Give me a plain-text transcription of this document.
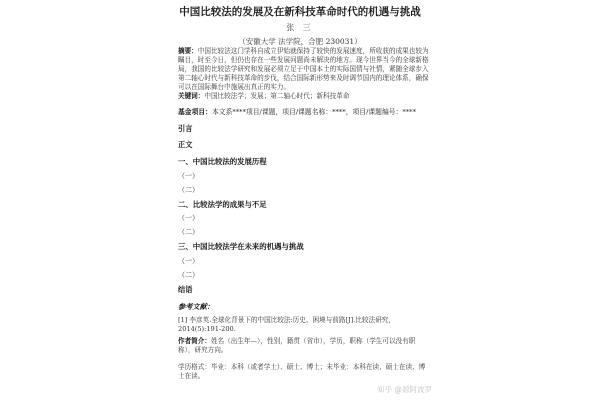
中国比较法的发展及在新科技革命时代的机遇与挑战
张 三
（安徽大学 法学院，合肥 230031）

摘要：中国比较法这门学科自成立伊始就保持了较快的发展速度，所收获的成果也较为瞩目，时至今日，但仍也存在一些发展问题尚未解决的地方。现今世界当今的全球新格局，我国的比较法学研究和发展必须立足于中国本土的实际国情与社情，紧随全球步入第二轴心时代与新科技革命的步伐，结合国际新形势来及时调节国内的理论体系，确保可以在国际舞台中施展出真正的实力。

关键词：中国比较法学；发展；第二轴心时代；新科技革命

基金项目：本文系****项目/课题，项目/课题名称：****，项目/课题编号：****
引言
正文
一、中国比较法的发展历程
（一）
（二）
二、比较法学的成果与不足
（一）
（二）
三、中国比较法学在未来的机遇与挑战
（一）
（二）
结语
参考文献：

[1] 李彦英.全球化背景下的中国比较法:历史、困境与前路[J].比较法研究，2014(5):191-200.

作者简介：姓名（出生年—），性别，籍贯（省市），学历，职称（学生可以没有职称），研究方向。

学历格式：毕业：本科（或者学士）、硕士、博士；未毕业：本科在读、硕士在读、博士在读。

知乎 @源阿波罗
